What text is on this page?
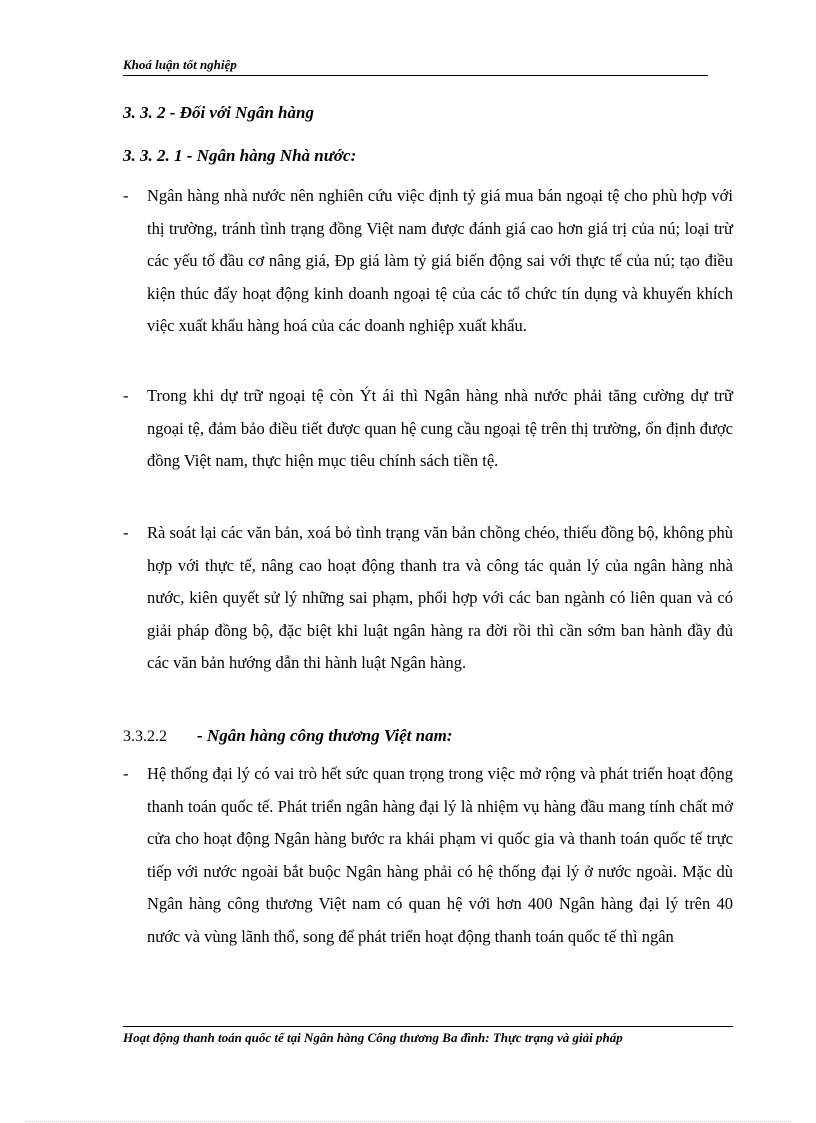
Khoá luận tốt nghiệp
3. 3. 2 - Đối với Ngân hàng
3. 3. 2. 1 - Ngân hàng Nhà nước:
- Ngân hàng nhà nước nên nghiên cứu việc định tỷ giá mua bán ngoại tệ cho phù hợp với thị trường, tránh tình trạng đồng Việt nam được đánh giá cao hơn giá trị của nú; loại trừ các yếu tố đầu cơ nâng giá, Đp giá làm tỷ giá biến động sai với thực tế của nú; tạo điều kiện thúc đẩy hoạt động kinh doanh ngoại tệ của các tổ chức tín dụng và khuyến khích việc xuất khẩu hàng hoá của các doanh nghiệp xuất khẩu.
- Trong khi dự trữ ngoại tệ còn Ýt ái thì Ngân hàng nhà nước phải tăng cường dự trữ ngoại tệ, đảm bảo điều tiết được quan hệ cung cầu ngoại tệ trên thị trường, ổn định được đồng Việt nam, thực hiện mục tiêu chính sách tiền tệ.
- Rà soát lại các văn bản, xoá bỏ tình trạng văn bản chồng chéo, thiếu đồng bộ, không phù hợp với thực tế, nâng cao hoạt động thanh tra và công tác quản lý của ngân hàng nhà nước, kiên quyết sử lý những sai phạm, phối hợp với các ban ngành có liên quan và có giải pháp đồng bộ, đặc biệt khi luật ngân hàng ra đời rồi thì cần sớm ban hành đầy đủ các văn bản hướng dẫn thi hành luật Ngân hàng.
3.3.2.2 - Ngân hàng công thương Việt nam:
- Hệ thống đại lý có vai trò hết sức quan trọng trong việc mở rộng và phát triển hoạt động thanh toán quốc tế. Phát triển ngân hàng đại lý là nhiệm vụ hàng đầu mang tính chất mở cửa cho hoạt động Ngân hàng bước ra khái phạm vi quốc gia và thanh toán quốc tế trực tiếp với nước ngoài bắt buộc Ngân hàng phải có hệ thống đại lý ở nước ngoài. Mặc dù Ngân hàng công thương Việt nam có quan hệ với hơn 400 Ngân hàng đại lý trên 40 nước và vùng lãnh thổ, song để phát triển hoạt động thanh toán quốc tế thì ngân
Hoạt động thanh toán quốc tế tại Ngân hàng Công thương Ba đình: Thực trạng và giải pháp
